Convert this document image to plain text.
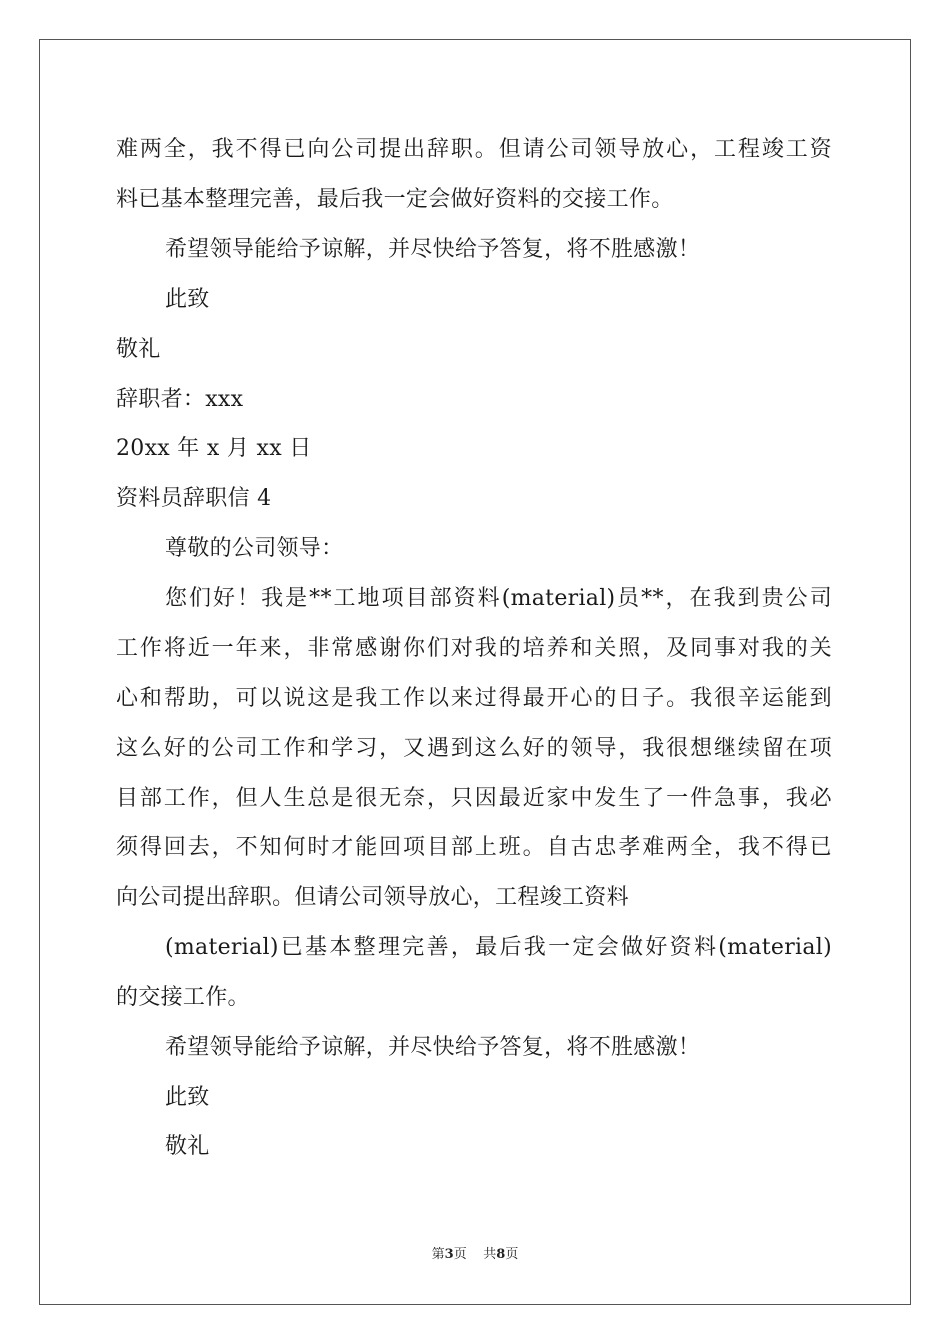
难两全，我不得已向公司提出辞职。但请公司领导放心，工程竣工资
料已基本整理完善，最后我一定会做好资料的交接工作。
希望领导能给予谅解，并尽快给予答复，将不胜感激！
此致
敬礼
辞职者：xxx
20xx 年 x 月 xx 日
资料员辞职信 4
尊敬的公司领导：
您们好！我是**工地项目部资料(material)员**，在我到贵公司
工作将近一年来，非常感谢你们对我的培养和关照，及同事对我的关
心和帮助，可以说这是我工作以来过得最开心的日子。我很辛运能到
这么好的公司工作和学习，又遇到这么好的领导，我很想继续留在项
目部工作，但人生总是很无奈，只因最近家中发生了一件急事，我必
须得回去，不知何时才能回项目部上班。自古忠孝难两全，我不得已
向公司提出辞职。但请公司领导放心，工程竣工资料
(material)已基本整理完善，最后我一定会做好资料(material)
的交接工作。
希望领导能给予谅解，并尽快给予答复，将不胜感激！
此致
敬礼
第3页 共8页
